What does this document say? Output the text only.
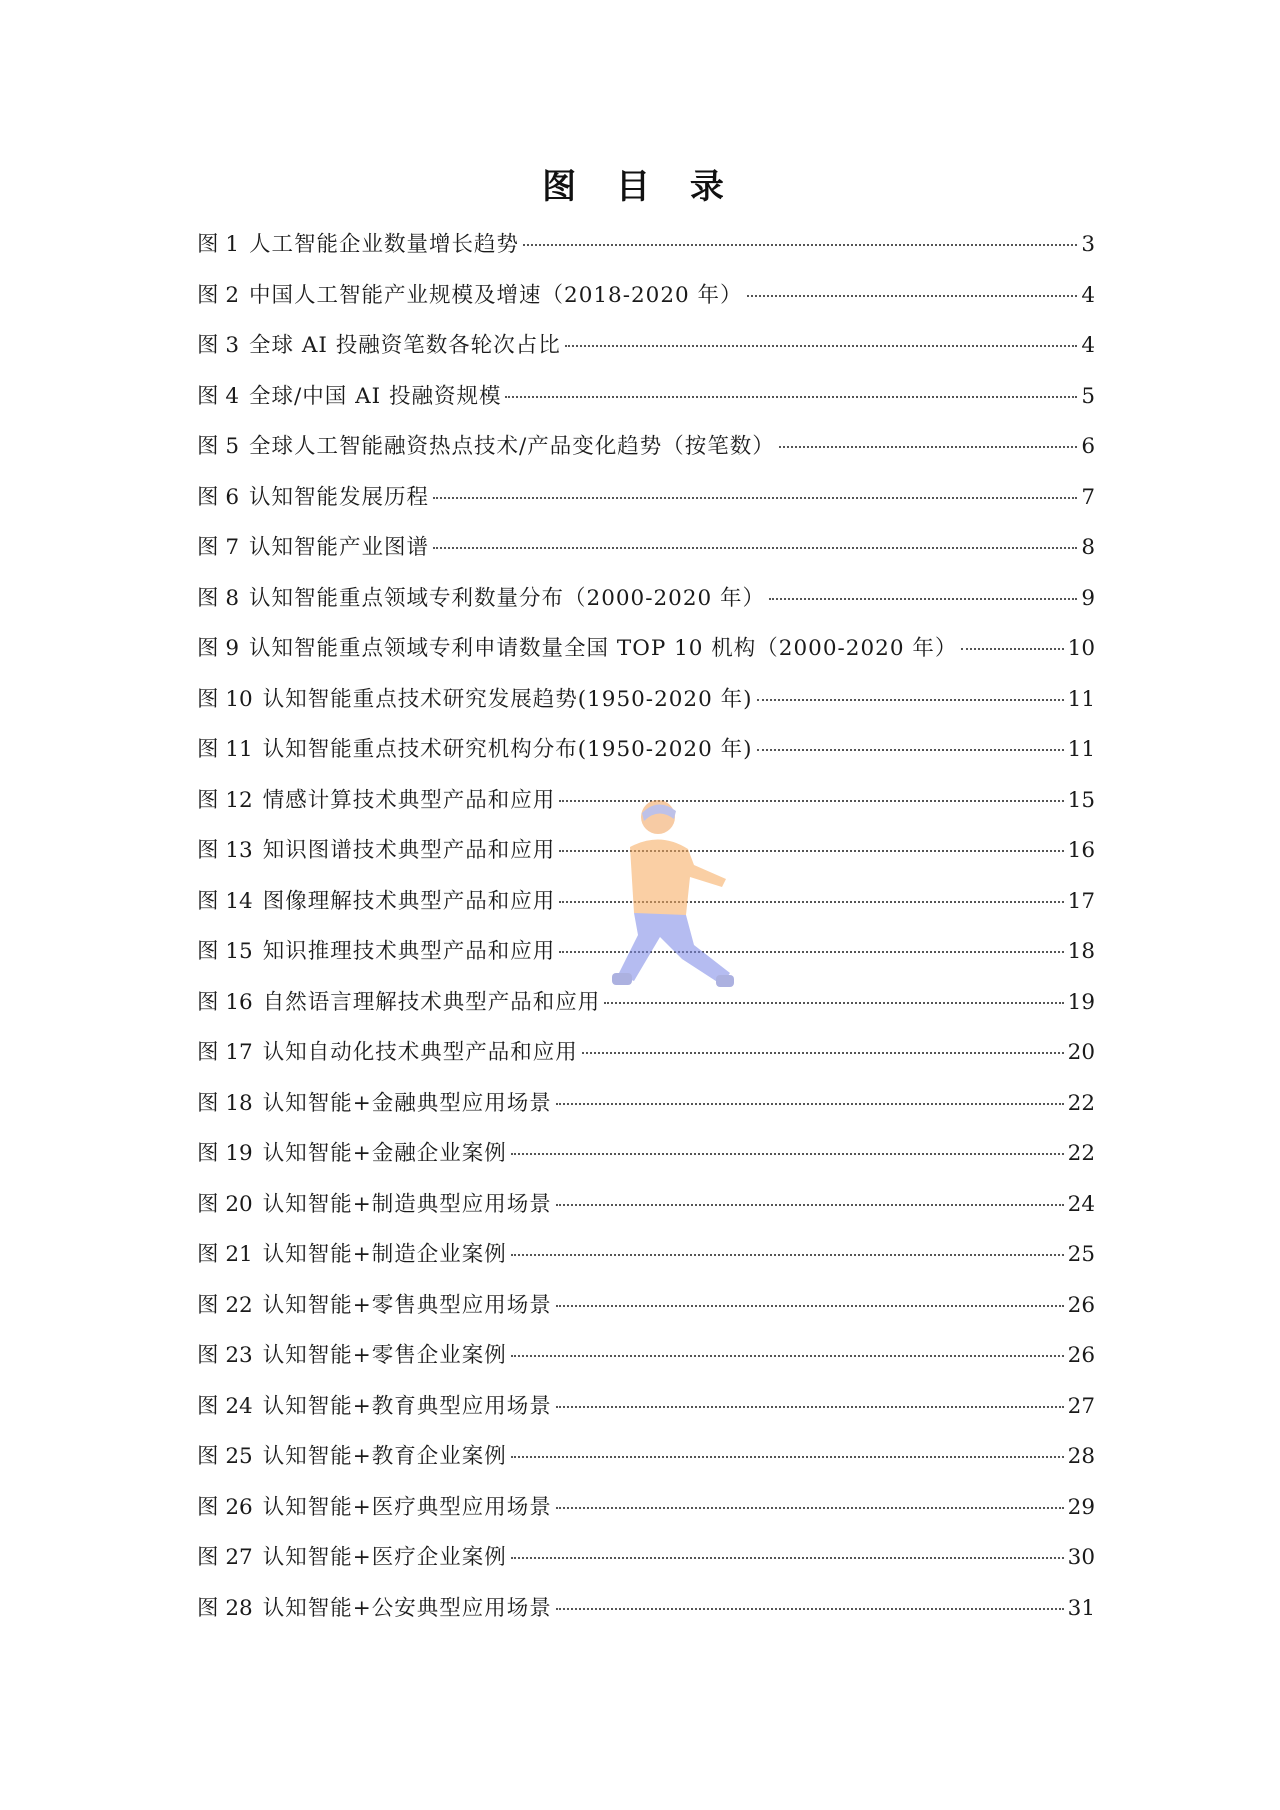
图 目 录
图 1 人工智能企业数量增长趋势	3
图 2 中国人工智能产业规模及增速（2018-2020 年）	4
图 3 全球 AI 投融资笔数各轮次占比	4
图 4 全球/中国 AI 投融资规模	5
图 5 全球人工智能融资热点技术/产品变化趋势（按笔数）	6
图 6 认知智能发展历程	7
图 7 认知智能产业图谱	8
图 8 认知智能重点领域专利数量分布（2000-2020 年）	9
图 9 认知智能重点领域专利申请数量全国 TOP 10 机构（2000-2020 年）	10
图 10 认知智能重点技术研究发展趋势(1950-2020 年)	11
图 11 认知智能重点技术研究机构分布(1950-2020 年)	11
图 12 情感计算技术典型产品和应用	15
图 13 知识图谱技术典型产品和应用	16
图 14 图像理解技术典型产品和应用	17
图 15 知识推理技术典型产品和应用	18
图 16 自然语言理解技术典型产品和应用	19
图 17 认知自动化技术典型产品和应用	20
图 18 认知智能+金融典型应用场景	22
图 19 认知智能+金融企业案例	22
图 20 认知智能+制造典型应用场景	24
图 21 认知智能+制造企业案例	25
图 22 认知智能+零售典型应用场景	26
图 23 认知智能+零售企业案例	26
图 24 认知智能+教育典型应用场景	27
图 25 认知智能+教育企业案例	28
图 26 认知智能+医疗典型应用场景	29
图 27 认知智能+医疗企业案例	30
图 28 认知智能+公安典型应用场景	31
